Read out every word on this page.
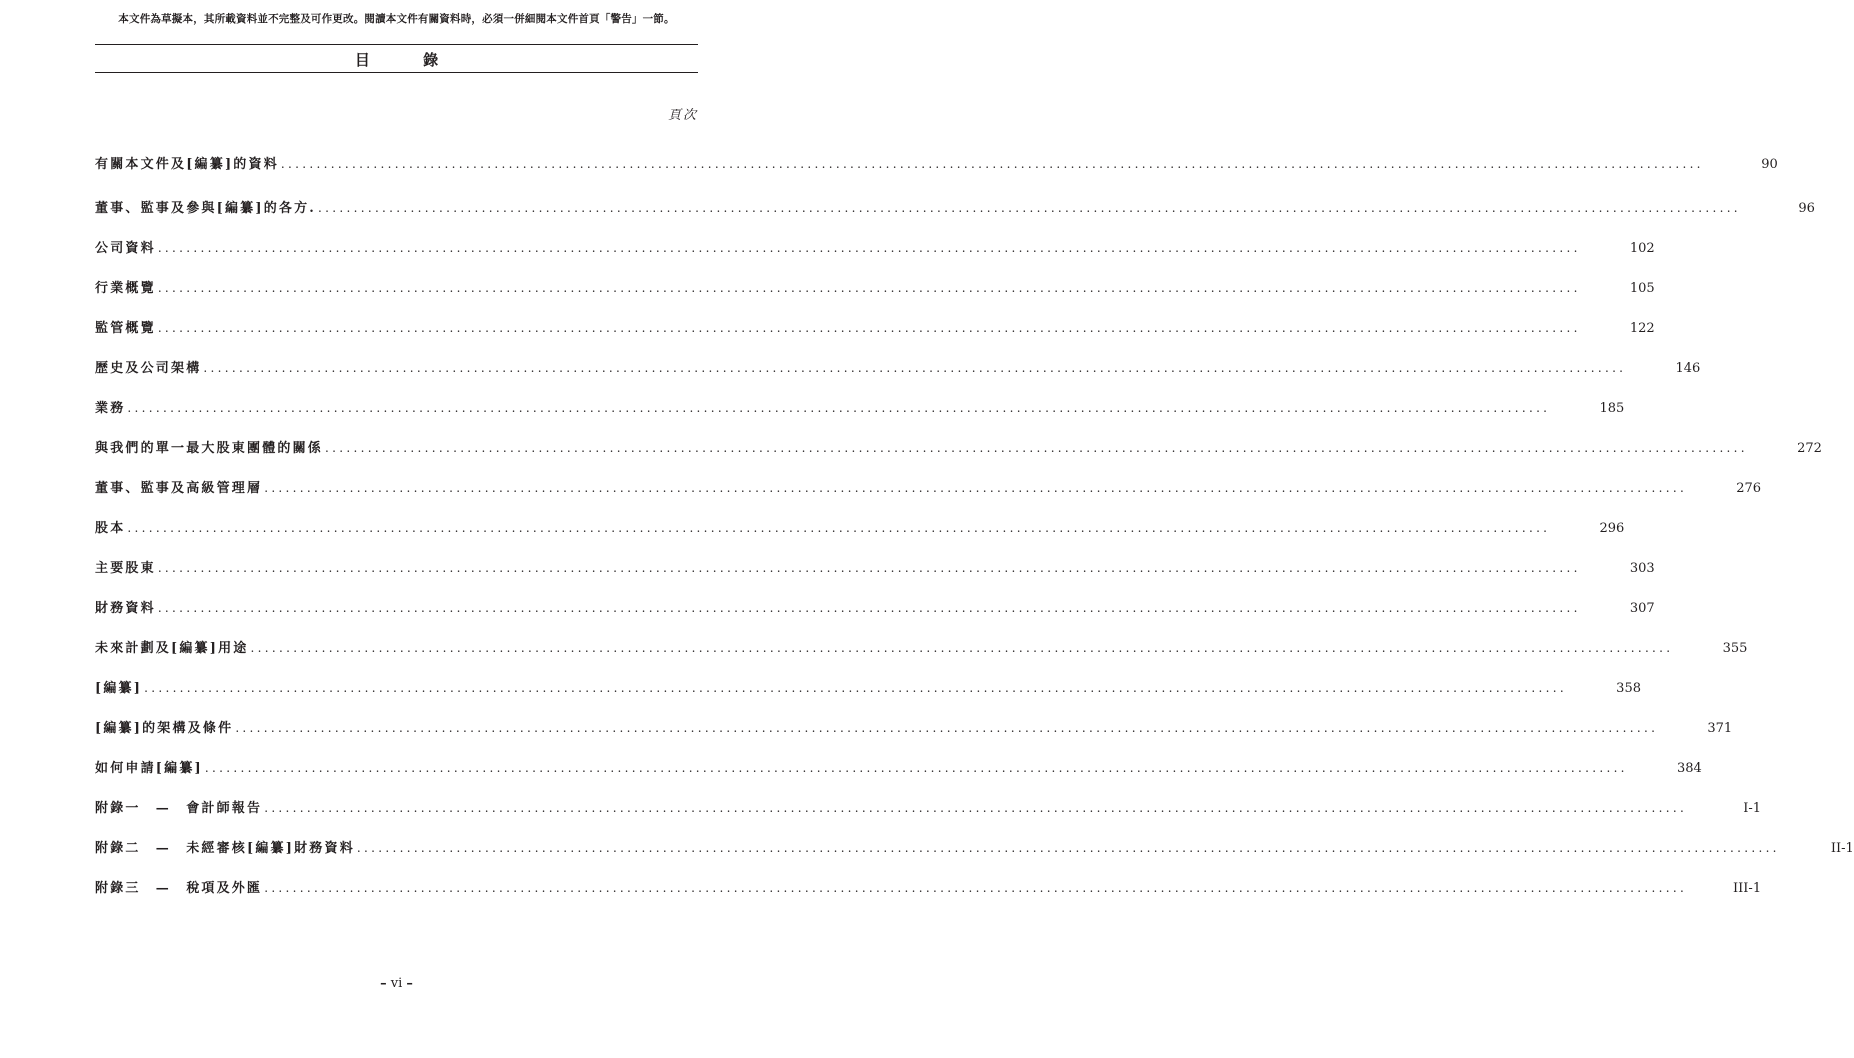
本文件為草擬本，其所載資料並不完整及可作更改。閱讀本文件有關資料時，必須一併細閱本文件首頁「警告」一節。
目 錄
頁次
有關本文件及[編纂]的資料 ........................................................................................................................................................................................................	90
董事、監事及參與[編纂]的各方. ........................................................................................................................................................................................................	96
公司資料 ........................................................................................................................................................................................................	102
行業概覽 ........................................................................................................................................................................................................	105
監管概覽 ........................................................................................................................................................................................................	122
歷史及公司架構 ........................................................................................................................................................................................................	146
業務 ........................................................................................................................................................................................................	185
與我們的單一最大股東團體的關係 ........................................................................................................................................................................................................	272
董事、監事及高級管理層 ........................................................................................................................................................................................................	276
股本 ........................................................................................................................................................................................................	296
主要股東 ........................................................................................................................................................................................................	303
財務資料 ........................................................................................................................................................................................................	307
未來計劃及[編纂]用途 ........................................................................................................................................................................................................	355
[編纂] ........................................................................................................................................................................................................	358
[編纂]的架構及條件 ........................................................................................................................................................................................................	371
如何申請[編纂] ........................................................................................................................................................................................................	384
附錄一　—　會計師報告 ........................................................................................................................................................................................................	I-1
附錄二　—　未經審核[編纂]財務資料 ........................................................................................................................................................................................................	II-1
附錄三　—　稅項及外匯 ........................................................................................................................................................................................................	III-1
– vi –
